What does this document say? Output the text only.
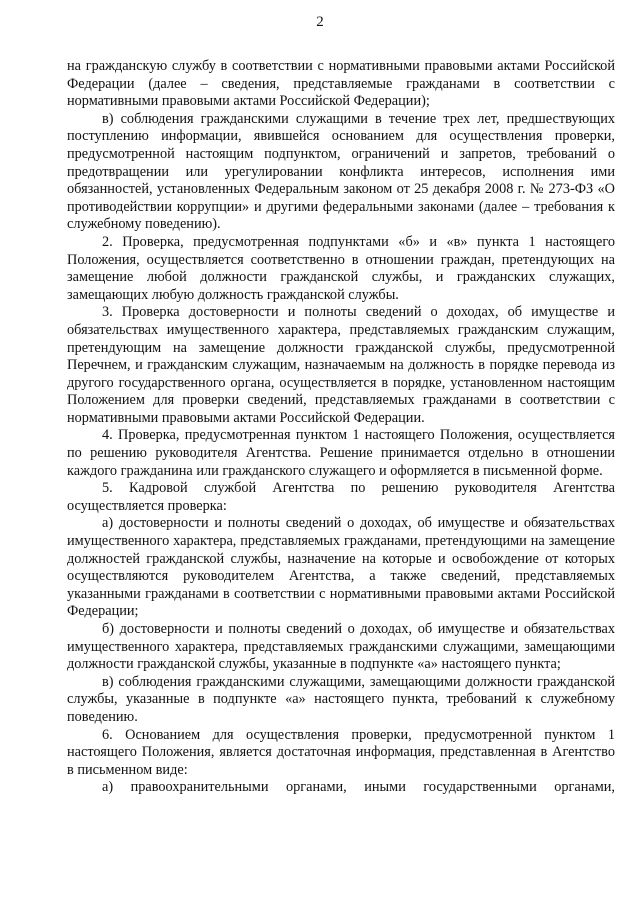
2

на гражданскую службу в соответствии с нормативными правовыми актами Российской Федерации (далее – сведения, представляемые гражданами в соответствии с нормативными правовыми актами Российской Федерации);

в) соблюдения гражданскими служащими в течение трех лет, предшествующих поступлению информации, явившейся основанием для осуществления проверки, предусмотренной настоящим подпунктом, ограничений и запретов, требований о предотвращении или урегулировании конфликта интересов, исполнения ими обязанностей, установленных Федеральным законом от 25 декабря 2008 г. № 273-ФЗ «О противодействии коррупции» и другими федеральными законами (далее – требования к служебному поведению).

2. Проверка, предусмотренная подпунктами «б» и «в» пункта 1 настоящего Положения, осуществляется соответственно в отношении граждан, претендующих на замещение любой должности гражданской службы, и гражданских служащих, замещающих любую должность гражданской службы.

3. Проверка достоверности и полноты сведений о доходах, об имуществе и обязательствах имущественного характера, представляемых гражданским служащим, претендующим на замещение должности гражданской службы, предусмотренной Перечнем, и гражданским служащим, назначаемым на должность в порядке перевода из другого государственного органа, осуществляется в порядке, установленном настоящим Положением для проверки сведений, представляемых гражданами в соответствии с нормативными правовыми актами Российской Федерации.

4. Проверка, предусмотренная пунктом 1 настоящего Положения, осуществляется по решению руководителя Агентства. Решение принимается отдельно в отношении каждого гражданина или гражданского служащего и оформляется в письменной форме.

5. Кадровой службой Агентства по решению руководителя Агентства осуществляется проверка:

а) достоверности и полноты сведений о доходах, об имуществе и обязательствах имущественного характера, представляемых гражданами, претендующими на замещение должностей гражданской службы, назначение на которые и освобождение от которых осуществляются руководителем Агентства, а также сведений, представляемых указанными гражданами в соответствии с нормативными правовыми актами Российской Федерации;

б) достоверности и полноты сведений о доходах, об имуществе и обязательствах имущественного характера, представляемых гражданскими служащими, замещающими должности гражданской службы, указанные в подпункте «а» настоящего пункта;

в) соблюдения гражданскими служащими, замещающими должности гражданской службы, указанные в подпункте «а» настоящего пункта, требований к служебному поведению.

6. Основанием для осуществления проверки, предусмотренной пунктом 1 настоящего Положения, является достаточная информация, представленная в Агентство в письменном виде:

а) правоохранительными органами, иными государственными органами,
